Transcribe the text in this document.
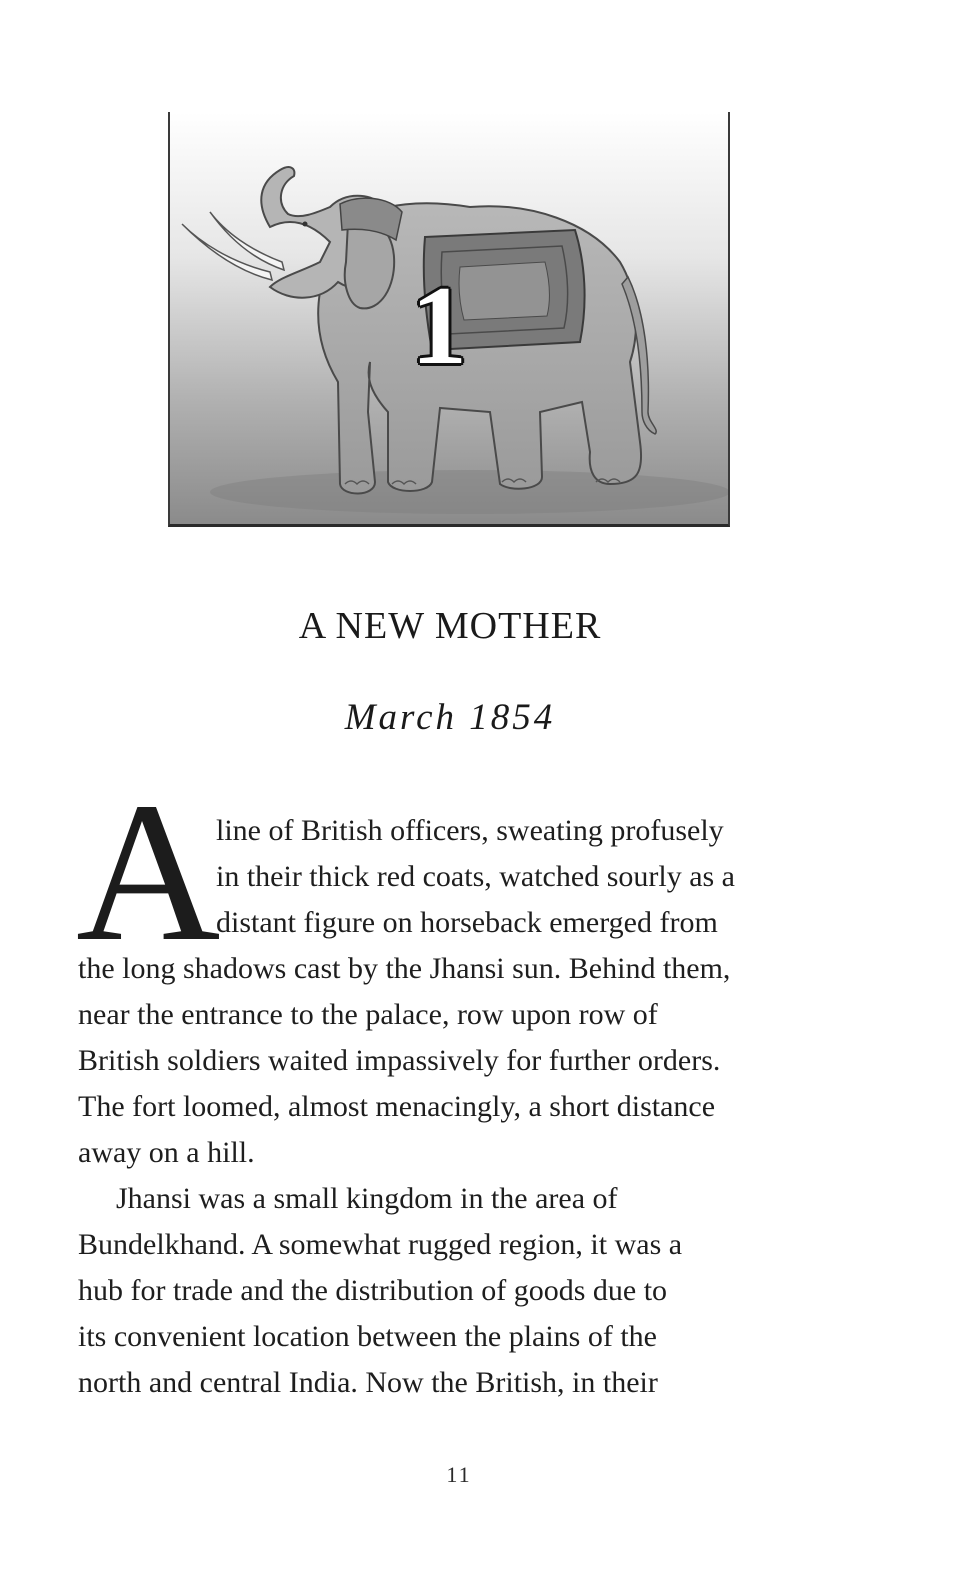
1
A NEW MOTHER
March 1854
A
line of British officers, sweating profusely
in their thick red coats, watched sourly as a
distant figure on horseback emerged from
the long shadows cast by the Jhansi sun. Behind them,
near the entrance to the palace, row upon row of
British soldiers waited impassively for further orders.
The fort loomed, almost menacingly, a short distance
away on a hill.
Jhansi was a small kingdom in the area of
Bundelkhand. A somewhat rugged region, it was a
hub for trade and the distribution of goods due to
its convenient location between the plains of the
north and central India. Now the British, in their
11
